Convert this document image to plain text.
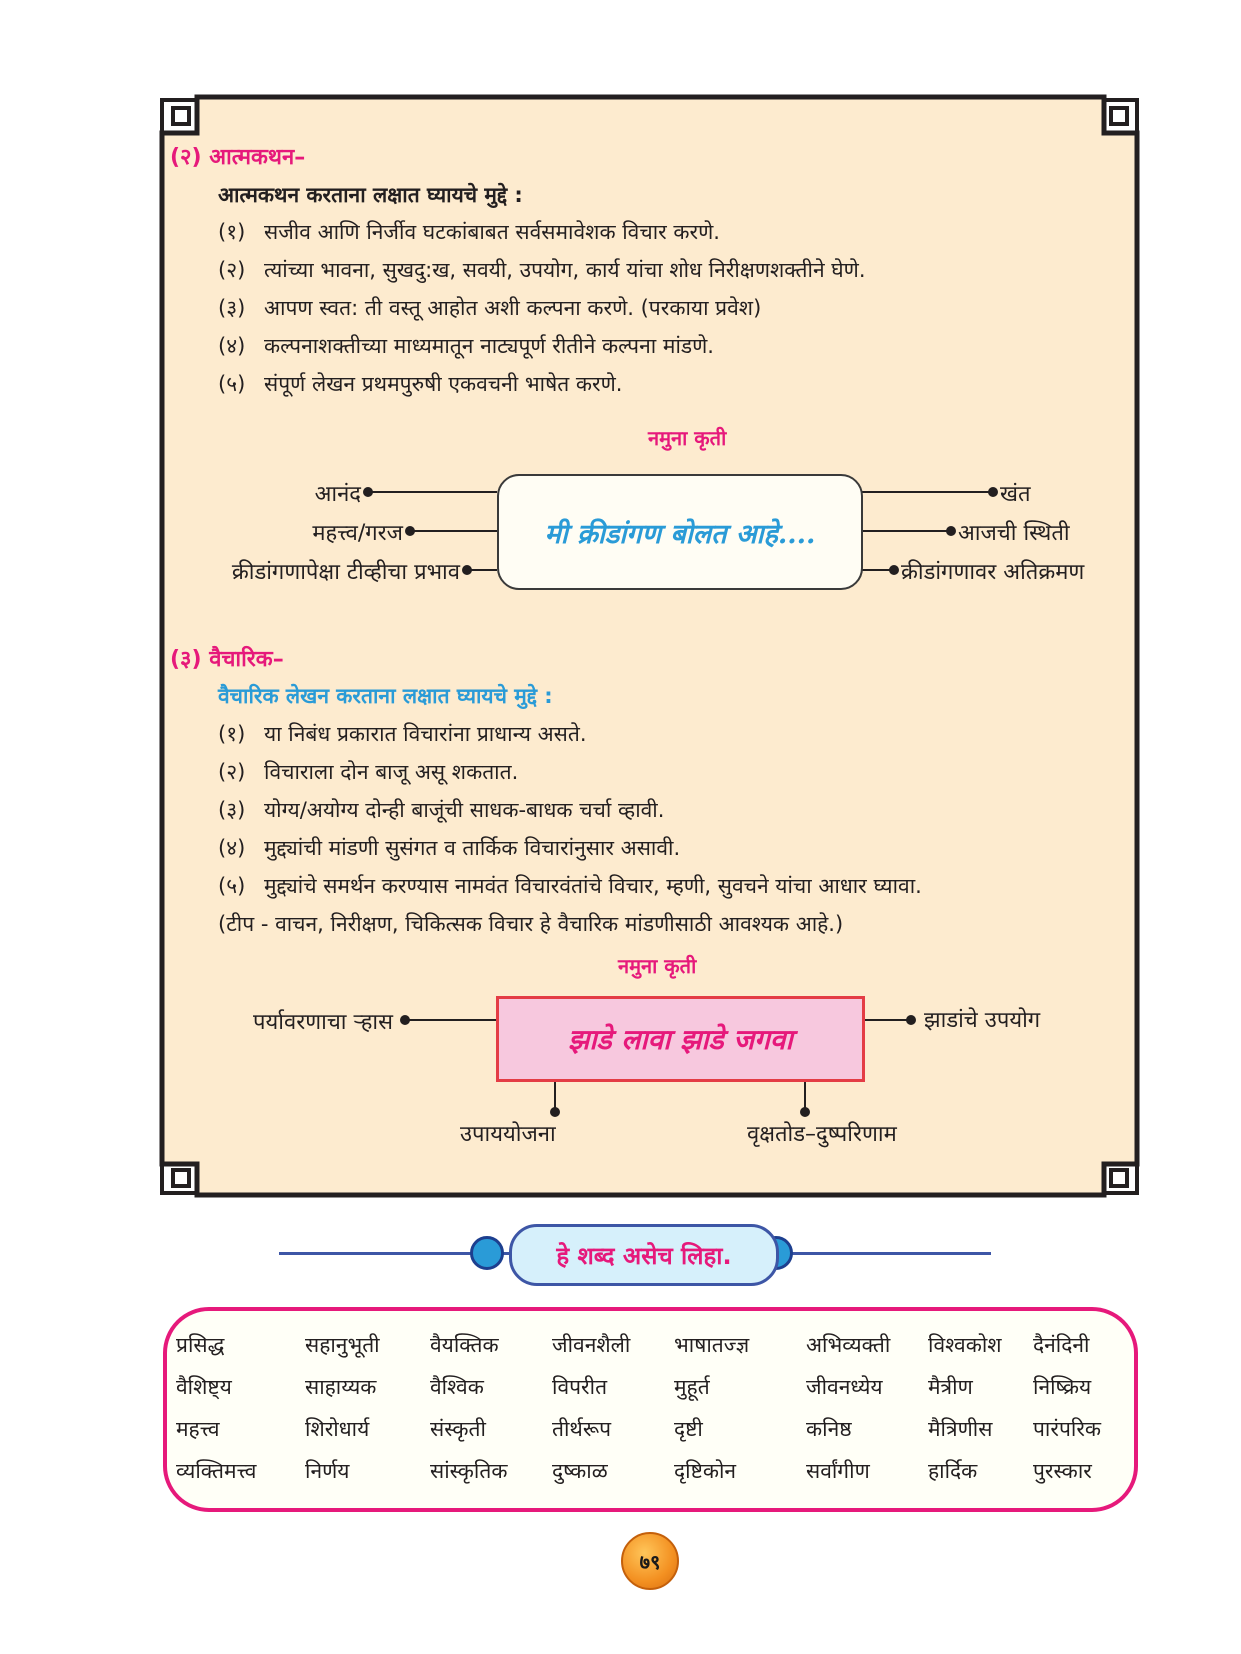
(२) आत्मकथन–
आत्मकथन करताना लक्षात घ्यायचे मुद्दे :
(१) सजीव आणि निर्जीव घटकांबाबत सर्वसमावेशक विचार करणे.
(२) त्यांच्या भावना, सुखदु:ख, सवयी, उपयोग, कार्य यांचा शोध निरीक्षणशक्तीने घेणे.
(३) आपण स्वत: ती वस्तू आहोत अशी कल्पना करणे. (परकाया प्रवेश)
(४) कल्पनाशक्तीच्या माध्यमातून नाट्यपूर्ण रीतीने कल्पना मांडणे.
(५) संपूर्ण लेखन प्रथमपुरुषी एकवचनी भाषेत करणे.
नमुना कृती
मी क्रीडांगण बोलत आहे....
आनंद
महत्त्व/गरज
क्रीडांगणापेक्षा टीव्हीचा प्रभाव
खंत
आजची स्थिती
क्रीडांगणावर अतिक्रमण
(३) वैचारिक–
वैचारिक लेखन करताना लक्षात घ्यायचे मुद्दे :
(१) या निबंध प्रकारात विचारांना प्राधान्य असते.
(२) विचाराला दोन बाजू असू शकतात.
(३) योग्य/अयोग्य दोन्ही बाजूंची साधक-बाधक चर्चा व्हावी.
(४) मुद्द्यांची मांडणी सुसंगत व तार्किक विचारांनुसार असावी.
(५) मुद्द्यांचे समर्थन करण्यास नामवंत विचारवंतांचे विचार, म्हणी, सुवचने यांचा आधार घ्यावा.
(टीप - वाचन, निरीक्षण, चिकित्सक विचार हे वैचारिक मांडणीसाठी आवश्यक आहे.)
नमुना कृती
झाडे लावा झाडे जगवा
पर्यावरणाचा ऱ्हास	झाडांचे उपयोग
उपाययोजना	वृक्षतोड–दुष्परिणाम
हे शब्द असेच लिहा.
प्रसिद्ध
वैशिष्ट्य
महत्त्व
व्यक्तिमत्त्व
सहानुभूती
साहाय्यक
शिरोधार्य
निर्णय
वैयक्तिक
वैश्विक
संस्कृती
सांस्कृतिक
जीवनशैली
विपरीत
तीर्थरूप
दुष्काळ
भाषातज्ज्ञ
मुहूर्त
दृष्टी
दृष्टिकोन
अभिव्यक्ती
जीवनध्येय
कनिष्ठ
सर्वांगीण
विश्वकोश
मैत्रीण
मैत्रिणीस
हार्दिक
दैनंदिनी
निष्क्रिय
पारंपरिक
पुरस्कार
७९
